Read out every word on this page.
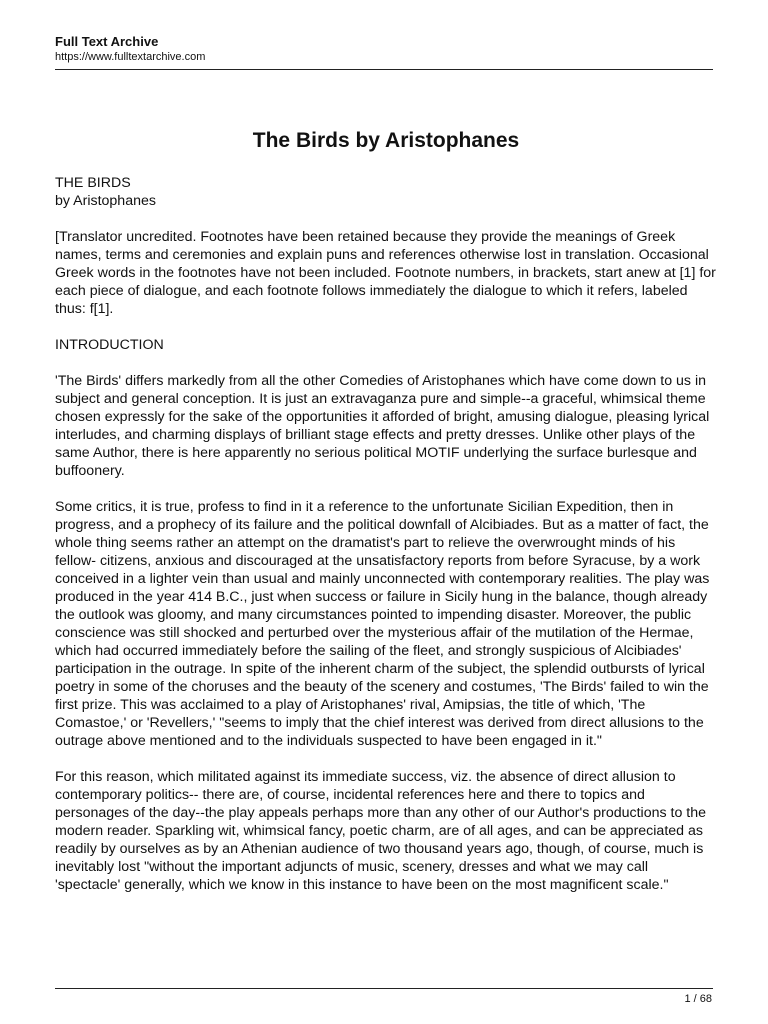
Full Text Archive
https://www.fulltextarchive.com
The Birds by Aristophanes
THE BIRDS
by Aristophanes
[Translator uncredited. Footnotes have been retained because they provide the meanings of Greek names, terms and ceremonies and explain puns and references otherwise lost in translation. Occasional Greek words in the footnotes have not been included. Footnote numbers, in brackets, start anew at [1] for each piece of dialogue, and each footnote follows immediately the dialogue to which it refers, labeled thus: f[1].
INTRODUCTION
'The Birds' differs markedly from all the other Comedies of Aristophanes which have come down to us in subject and general conception. It is just an extravaganza pure and simple--a graceful, whimsical theme chosen expressly for the sake of the opportunities it afforded of bright, amusing dialogue, pleasing lyrical interludes, and charming displays of brilliant stage effects and pretty dresses. Unlike other plays of the same Author, there is here apparently no serious political MOTIF underlying the surface burlesque and buffoonery.
Some critics, it is true, profess to find in it a reference to the unfortunate Sicilian Expedition, then in progress, and a prophecy of its failure and the political downfall of Alcibiades. But as a matter of fact, the whole thing seems rather an attempt on the dramatist's part to relieve the overwrought minds of his fellow- citizens, anxious and discouraged at the unsatisfactory reports from before Syracuse, by a work conceived in a lighter vein than usual and mainly unconnected with contemporary realities. The play was produced in the year 414 B.C., just when success or failure in Sicily hung in the balance, though already the outlook was gloomy, and many circumstances pointed to impending disaster. Moreover, the public conscience was still shocked and perturbed over the mysterious affair of the mutilation of the Hermae, which had occurred immediately before the sailing of the fleet, and strongly suspicious of Alcibiades' participation in the outrage. In spite of the inherent charm of the subject, the splendid outbursts of lyrical poetry in some of the choruses and the beauty of the scenery and costumes, 'The Birds' failed to win the first prize. This was acclaimed to a play of Aristophanes' rival, Amipsias, the title of which, 'The Comastoe,' or 'Revellers,' "seems to imply that the chief interest was derived from direct allusions to the outrage above mentioned and to the individuals suspected to have been engaged in it."
For this reason, which militated against its immediate success, viz. the absence of direct allusion to contemporary politics-- there are, of course, incidental references here and there to topics and personages of the day--the play appeals perhaps more than any other of our Author's productions to the modern reader. Sparkling wit, whimsical fancy, poetic charm, are of all ages, and can be appreciated as readily by ourselves as by an Athenian audience of two thousand years ago, though, of course, much is inevitably lost "without the important adjuncts of music, scenery, dresses and what we may call 'spectacle' generally, which we know in this instance to have been on the most magnificent scale."
1 / 68
